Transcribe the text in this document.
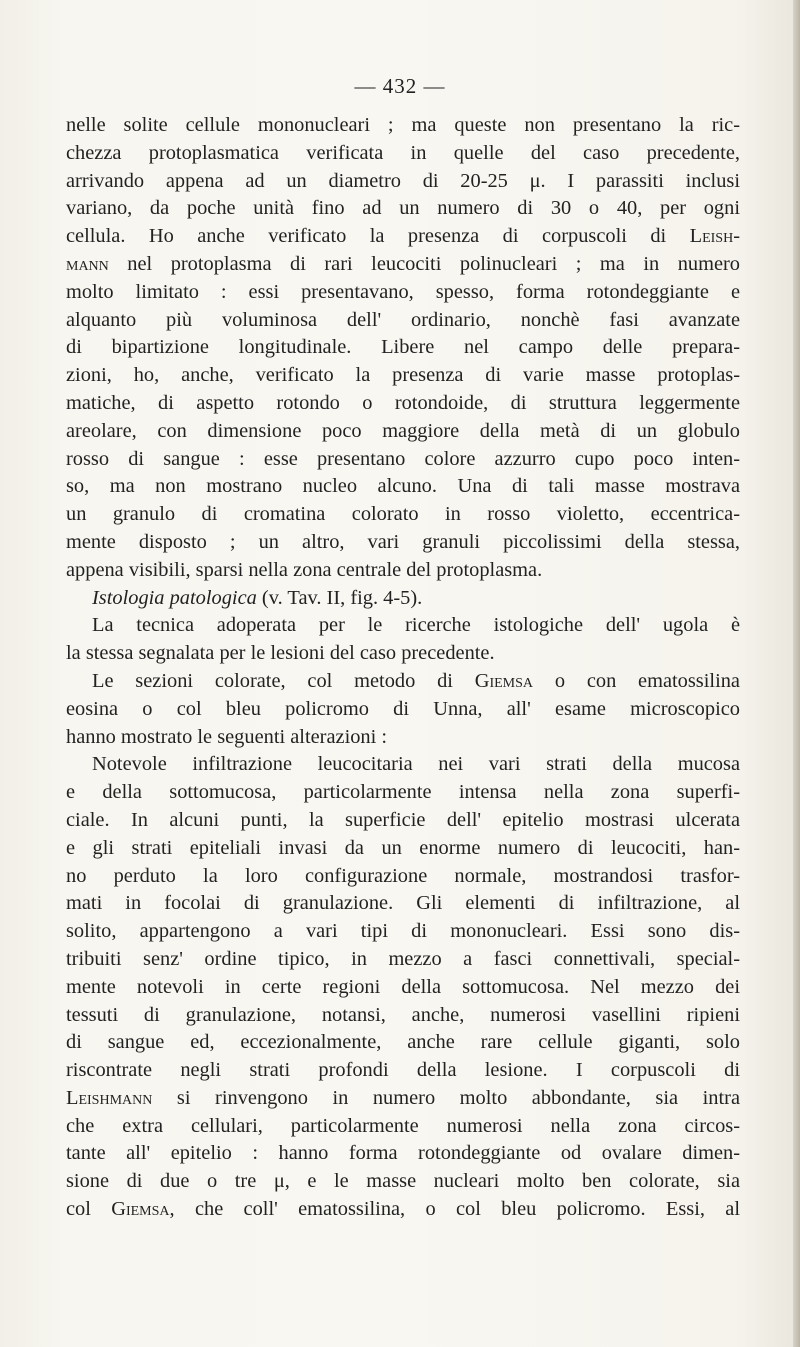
— 432 —
nelle solite cellule mononucleari ; ma queste non presentano la ric-
chezza protoplasmatica verificata in quelle del caso precedente,
arrivando appena ad un diametro di 20-25 μ. I parassiti inclusi
variano, da poche unità fino ad un numero di 30 o 40, per ogni
cellula. Ho anche verificato la presenza di corpuscoli di Leish-
mann nel protoplasma di rari leucociti polinucleari ; ma in numero
molto limitato : essi presentavano, spesso, forma rotondeggiante e
alquanto più voluminosa dell' ordinario, nonchè fasi avanzate
di bipartizione longitudinale. Libere nel campo delle prepara-
zioni, ho, anche, verificato la presenza di varie masse protoplas-
matiche, di aspetto rotondo o rotondoide, di struttura leggermente
areolare, con dimensione poco maggiore della metà di un globulo
rosso di sangue : esse presentano colore azzurro cupo poco inten-
so, ma non mostrano nucleo alcuno. Una di tali masse mostrava
un granulo di cromatina colorato in rosso violetto, eccentrica-
mente disposto ; un altro, vari granuli piccolissimi della stessa,
appena visibili, sparsi nella zona centrale del protoplasma.
Istologia patologica (v. Tav. II, fig. 4-5).
La tecnica adoperata per le ricerche istologiche dell' ugola è
la stessa segnalata per le lesioni del caso precedente.
Le sezioni colorate, col metodo di Giemsa o con ematossilina
eosina o col bleu policromo di Unna, all' esame microscopico
hanno mostrato le seguenti alterazioni :
Notevole infiltrazione leucocitaria nei vari strati della mucosa
e della sottomucosa, particolarmente intensa nella zona superfi-
ciale. In alcuni punti, la superficie dell' epitelio mostrasi ulcerata
e gli strati epiteliali invasi da un enorme numero di leucociti, han-
no perduto la loro configurazione normale, mostrandosi trasfor-
mati in focolai di granulazione. Gli elementi di infiltrazione, al
solito, appartengono a vari tipi di mononucleari. Essi sono dis-
tribuiti senz' ordine tipico, in mezzo a fasci connettivali, special-
mente notevoli in certe regioni della sottomucosa. Nel mezzo dei
tessuti di granulazione, notansi, anche, numerosi vasellini ripieni
di sangue ed, eccezionalmente, anche rare cellule giganti, solo
riscontrate negli strati profondi della lesione. I corpuscoli di
Leishmann si rinvengono in numero molto abbondante, sia intra
che extra cellulari, particolarmente numerosi nella zona circos-
tante all' epitelio : hanno forma rotondeggiante od ovalare dimen-
sione di due o tre μ, e le masse nucleari molto ben colorate, sia
col Giemsa, che coll' ematossilina, o col bleu policromo. Essi, al
